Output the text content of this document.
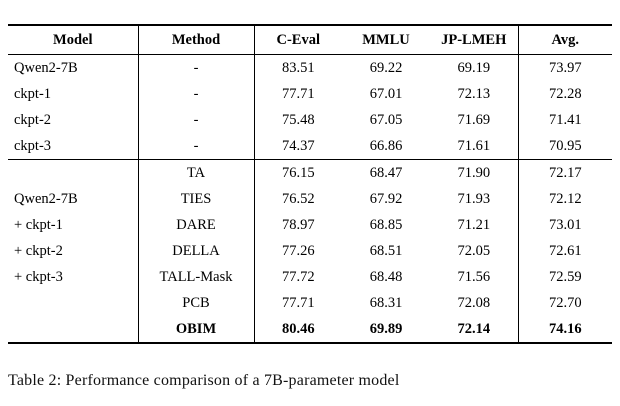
Model	Method	C-Eval	MMLU	JP-LMEH	Avg.
Qwen2-7B	-	83.51	69.22	69.19	73.97
ckpt-1	-	77.71	67.01	72.13	72.28
ckpt-2	-	75.48	67.05	71.69	71.41
ckpt-3	-	74.37	66.86	71.61	70.95
	TA	76.15	68.47	71.90	72.17
Qwen2-7B	TIES	76.52	67.92	71.93	72.12
+ ckpt-1	DARE	78.97	68.85	71.21	73.01
+ ckpt-2	DELLA	77.26	68.51	72.05	72.61
+ ckpt-3	TALL-Mask	77.72	68.48	71.56	72.59
	PCB	77.71	68.31	72.08	72.70
	OBIM	80.46	69.89	72.14	74.16
Table 2: Performance comparison of a 7B-parameter model
